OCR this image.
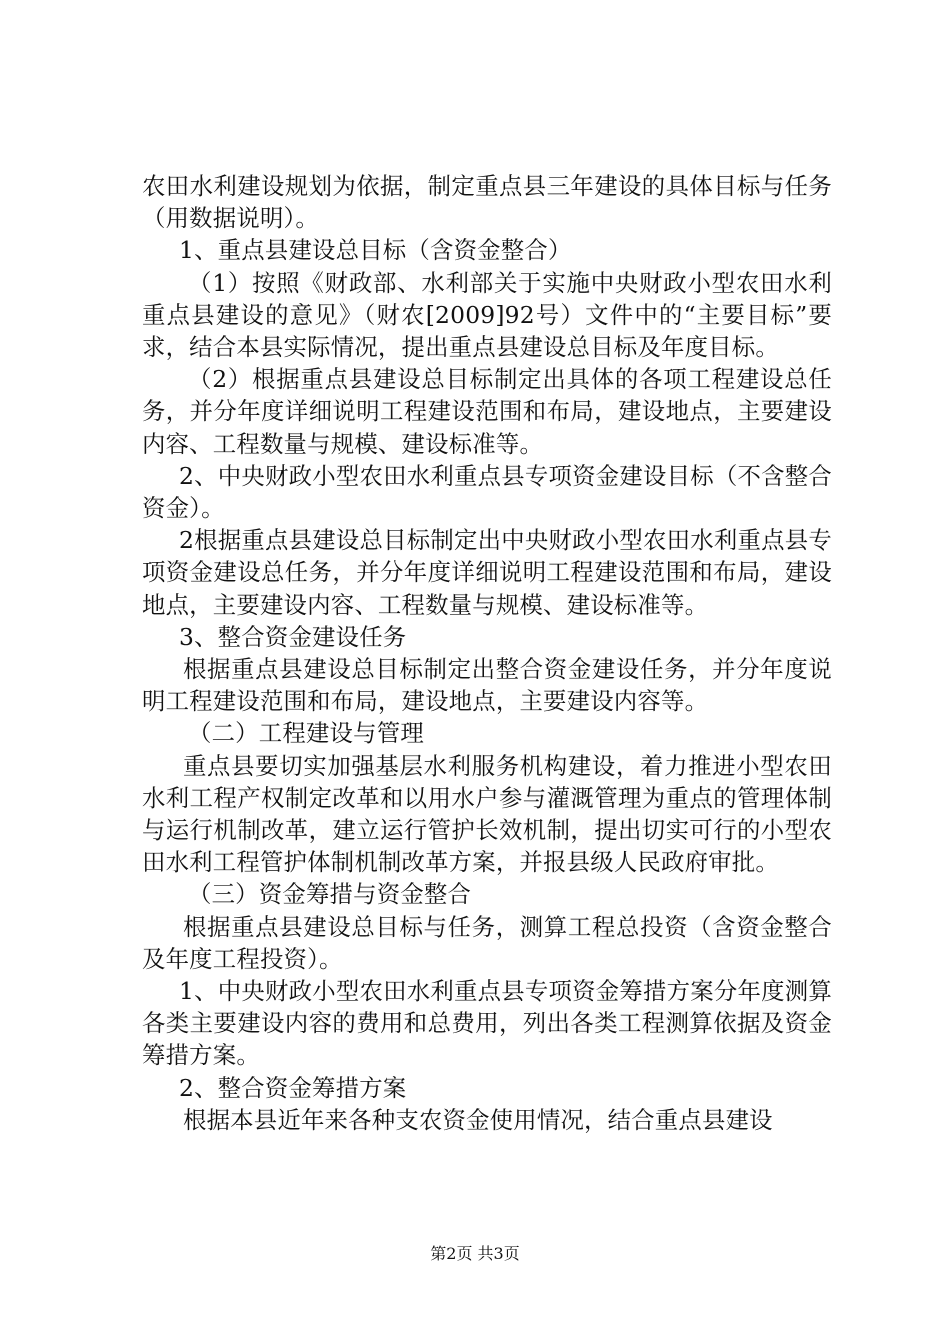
农田水利建设规划为依据，制定重点县三年建设的具体目标与任务（用数据说明）。

1、重点县建设总目标（含资金整合）

（1）按照《财政部、水利部关于实施中央财政小型农田水利重点县建设的意见》（财农[2009]92号）文件中的“主要目标”要求，结合本县实际情况，提出重点县建设总目标及年度目标。

（2）根据重点县建设总目标制定出具体的各项工程建设总任务，并分年度详细说明工程建设范围和布局，建设地点，主要建设内容、工程数量与规模、建设标准等。

2、中央财政小型农田水利重点县专项资金建设目标（不含整合资金）。

2根据重点县建设总目标制定出中央财政小型农田水利重点县专项资金建设总任务，并分年度详细说明工程建设范围和布局，建设地点，主要建设内容、工程数量与规模、建设标准等。

3、整合资金建设任务

根据重点县建设总目标制定出整合资金建设任务，并分年度说明工程建设范围和布局，建设地点，主要建设内容等。

（二）工程建设与管理

重点县要切实加强基层水利服务机构建设，着力推进小型农田水利工程产权制定改革和以用水户参与灌溉管理为重点的管理体制与运行机制改革，建立运行管护长效机制，提出切实可行的小型农田水利工程管护体制机制改革方案，并报县级人民政府审批。

（三）资金筹措与资金整合

根据重点县建设总目标与任务，测算工程总投资（含资金整合及年度工程投资）。

1、中央财政小型农田水利重点县专项资金筹措方案分年度测算各类主要建设内容的费用和总费用，列出各类工程测算依据及资金筹措方案。

2、整合资金筹措方案

根据本县近年来各种支农资金使用情况，结合重点县建设

第2页 共3页
